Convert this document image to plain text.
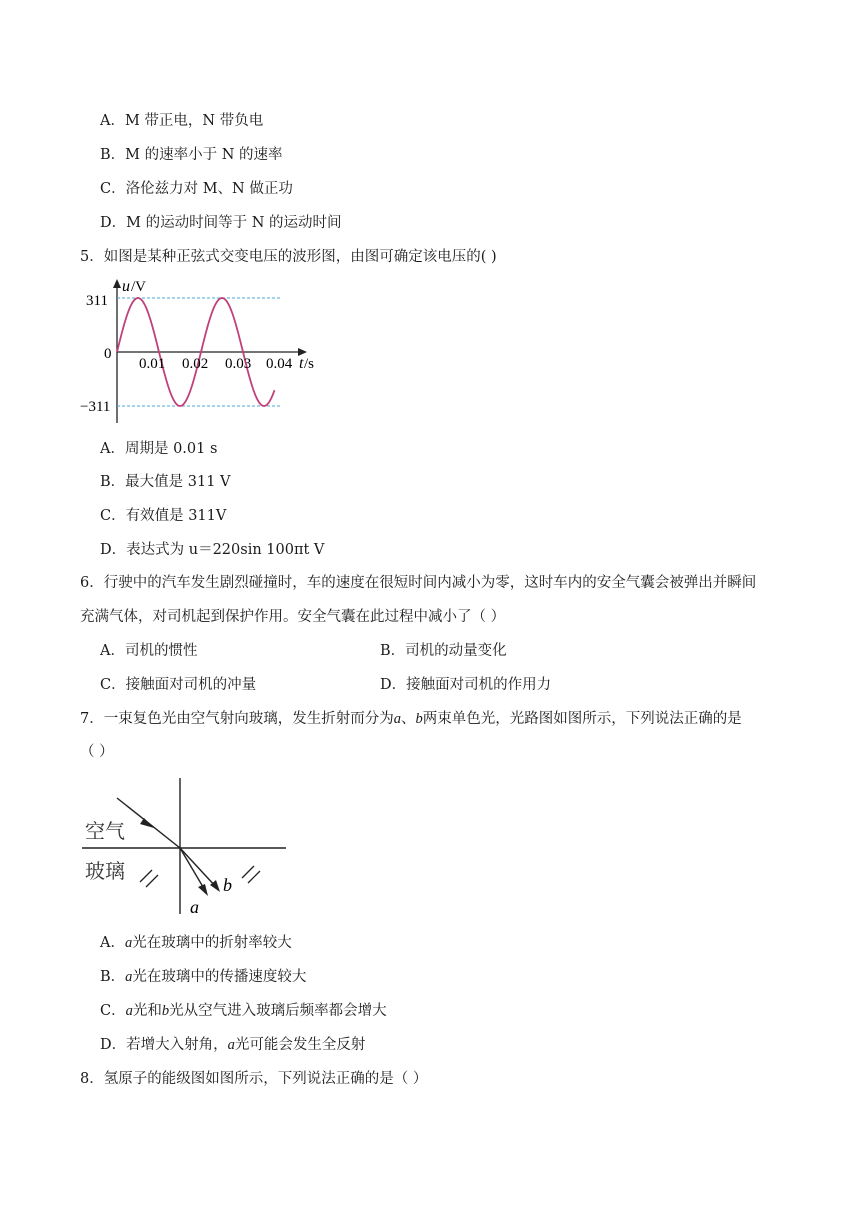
A．M 带正电，N 带负电
B．M 的速率小于 N 的速率
C．洛伦兹力对 M、N 做正功
D．M 的运动时间等于 N 的运动时间
5．如图是某种正弦式交变电压的波形图，由图可确定该电压的( )
u /V
311
0
−311
0.01 0.02 0.03 0.04 t /s
A．周期是 0.01 s
B．最大值是 311 V
C．有效值是 311V
D．表达式为 u＝220sin 100πt V
6．行驶中的汽车发生剧烈碰撞时，车的速度在很短时间内减小为零，这时车内的安全气囊会被弹出并瞬间
充满气体，对司机起到保护作用。安全气囊在此过程中减小了（ ）
A．司机的惯性	B．司机的动量变化
C．接触面对司机的冲量	D．接触面对司机的作用力
7．一束复色光由空气射向玻璃，发生折射而分为a、b两束单色光，光路图如图所示，下列说法正确的是
（ ）
空气
玻璃
a
b
A．a光在玻璃中的折射率较大
B．a光在玻璃中的传播速度较大
C．a光和b光从空气进入玻璃后频率都会增大
D．若增大入射角，a光可能会发生全反射
8．氢原子的能级图如图所示，下列说法正确的是（ ）
